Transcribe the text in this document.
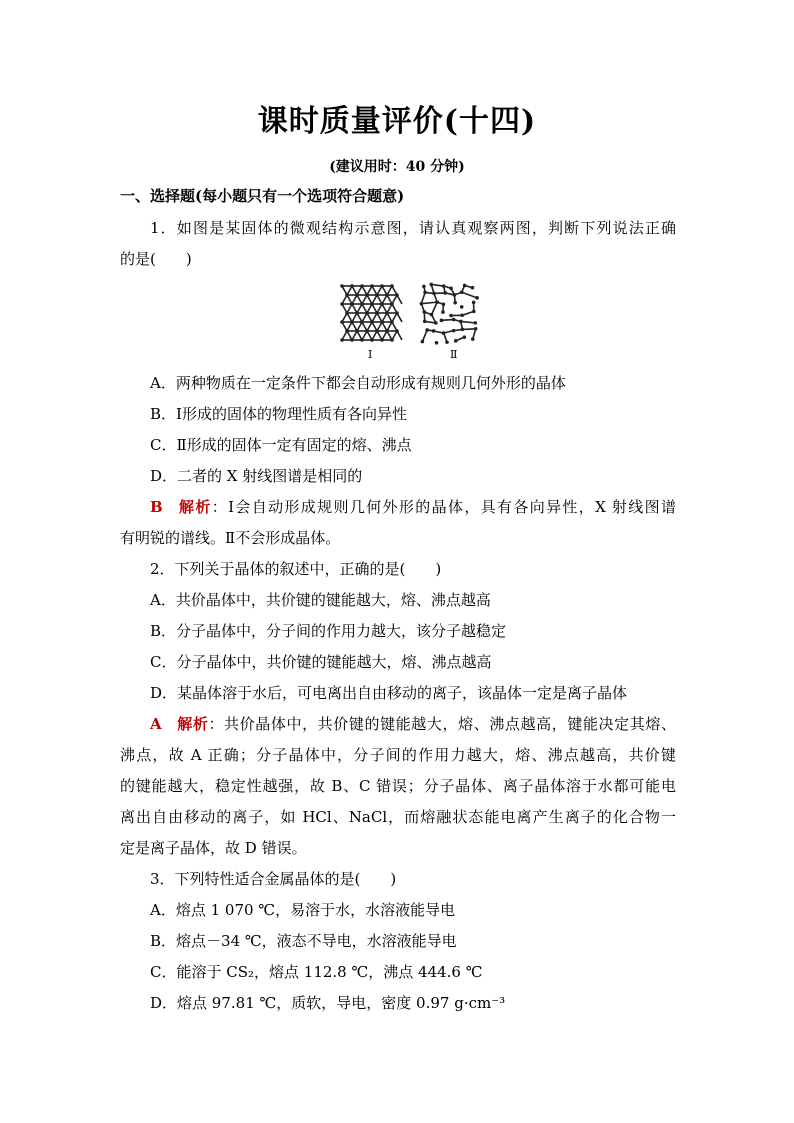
课时质量评价(十四)
(建议用时：40 分钟)
一、选择题(每小题只有一个选项符合题意)
1．如图是某固体的微观结构示意图，请认真观察两图，判断下列说法正确
的是(　　)
Ⅰ	Ⅱ
A．两种物质在一定条件下都会自动形成有规则几何外形的晶体
B．Ⅰ形成的固体的物理性质有各向异性
C．Ⅱ形成的固体一定有固定的熔、沸点
D．二者的 X 射线图谱是相同的
B  解析：Ⅰ会自动形成规则几何外形的晶体，具有各向异性，X 射线图谱
有明锐的谱线。Ⅱ不会形成晶体。
2．下列关于晶体的叙述中，正确的是(　　)
A．共价晶体中，共价键的键能越大，熔、沸点越高
B．分子晶体中，分子间的作用力越大，该分子越稳定
C．分子晶体中，共价键的键能越大，熔、沸点越高
D．某晶体溶于水后，可电离出自由移动的离子，该晶体一定是离子晶体
A  解析：共价晶体中，共价键的键能越大，熔、沸点越高，键能决定其熔、
沸点，故 A 正确；分子晶体中，分子间的作用力越大，熔、沸点越高，共价键
的键能越大，稳定性越强，故 B、C 错误；分子晶体、离子晶体溶于水都可能电
离出自由移动的离子，如 HCl、NaCl，而熔融状态能电离产生离子的化合物一
定是离子晶体，故 D 错误。
3．下列特性适合金属晶体的是(　　)
A．熔点 1 070 ℃，易溶于水，水溶液能导电
B．熔点－34 ℃，液态不导电，水溶液能导电
C．能溶于 CS₂，熔点 112.8 ℃，沸点 444.6 ℃
D．熔点 97.81 ℃，质软，导电，密度 0.97 g·cm⁻³
